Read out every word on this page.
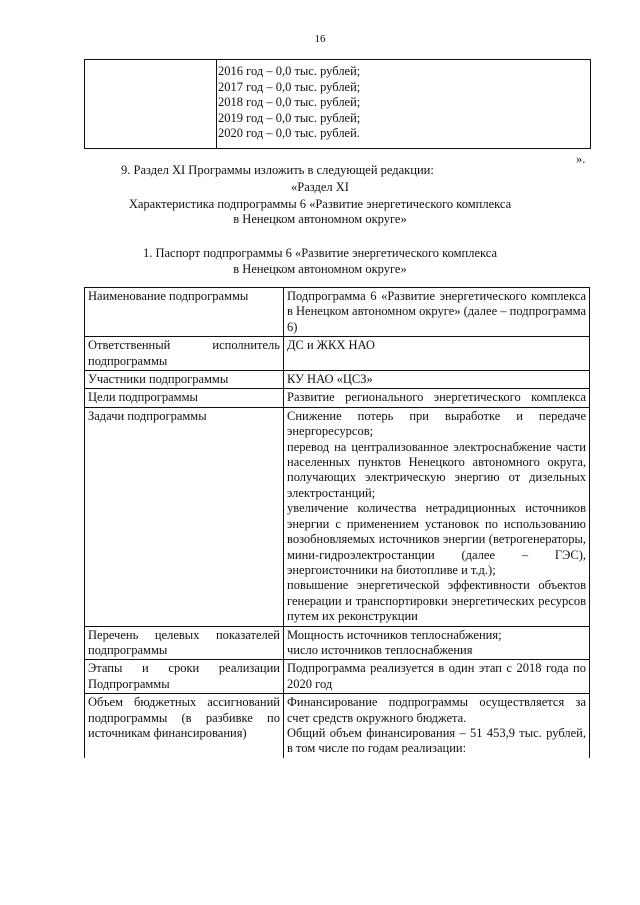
16
2016 год – 0,0 тыс. рублей;
2017 год – 0,0 тыс. рублей;
2018 год – 0,0 тыс. рублей;
2019 год – 0,0 тыс. рублей;
2020 год – 0,0 тыс. рублей.
».
9. Раздел XI Программы изложить в следующей редакции:
«Раздел XI
Характеристика подпрограммы 6 «Развитие энергетического комплекса
в Ненецком автономном округе»
1. Паспорт подпрограммы 6 «Развитие энергетического комплекса
в Ненецком автономном округе»
Наименование подпрограммы	Подпрограмма 6 «Развитие энергетического комплекса в Ненецком автономном округе» (далее – подпрограмма 6)
Ответственный исполнитель подпрограммы	ДС и ЖКХ НАО
Участники подпрограммы	КУ НАО «ЦСЗ»
Цели подпрограммы	Развитие регионального энергетического комплекса
Задачи подпрограммы	Снижение потерь при выработке и передаче энергоресурсов;
перевод на централизованное электроснабжение части населенных пунктов Ненецкого автономного округа, получающих электрическую энергию от дизельных электростанций;
увеличение количества нетрадиционных источников энергии с применением установок по использованию возобновляемых источников энергии (ветрогенераторы, мини-гидроэлектростанции (далее – ГЭС), энергоисточники на биотопливе и т.д.);
повышение энергетической эффективности объектов генерации и транспортировки энергетических ресурсов путем их реконструкции
Перечень целевых показателей подпрограммы	Мощность источников теплоснабжения;
число источников теплоснабжения
Этапы и сроки реализации Подпрограммы	Подпрограмма реализуется в один этап с 2018 года по 2020 год
Объем бюджетных ассигнований подпрограммы (в разбивке по источникам финансирования)	Финансирование подпрограммы осуществляется за счет средств окружного бюджета.
Общий объем финансирования – 51 453,9 тыс. рублей, в том числе по годам реализации:
